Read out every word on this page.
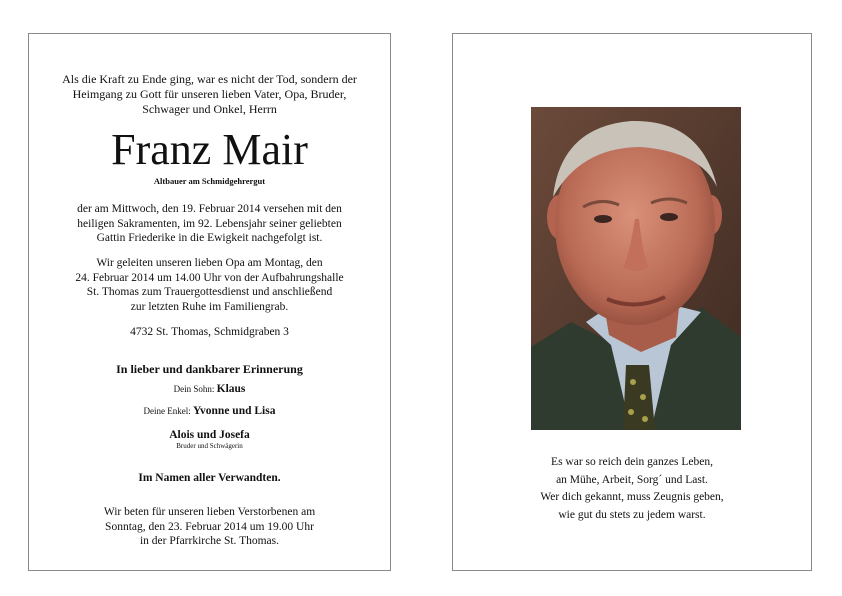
Als die Kraft zu Ende ging, war es nicht der Tod, sondern der
Heimgang zu Gott für unseren lieben Vater, Opa, Bruder,
Schwager und Onkel, Herrn
Franz Mair
Altbauer am Schmidgehrergut
der am Mittwoch, den 19. Februar 2014 versehen mit den
heiligen Sakramenten, im 92. Lebensjahr seiner geliebten
Gattin Friederike in die Ewigkeit nachgefolgt ist.
Wir geleiten unseren lieben Opa am Montag, den
24. Februar 2014 um 14.00 Uhr von der Aufbahrungshalle
St. Thomas zum Trauergottesdienst und anschließend
zur letzten Ruhe im Familiengrab.
4732 St. Thomas, Schmidgraben 3
In lieber und dankbarer Erinnerung
Dein Sohn: Klaus
Deine Enkel: Yvonne und Lisa
Alois und Josefa
Bruder und Schwägerin
Im Namen aller Verwandten.
Wir beten für unseren lieben Verstorbenen am
Sonntag, den 23. Februar 2014 um 19.00 Uhr
in der Pfarrkirche St. Thomas.
Es war so reich dein ganzes Leben,
an Mühe, Arbeit, Sorg´ und Last.
Wer dich gekannt, muss Zeugnis geben,
wie gut du stets zu jedem warst.
